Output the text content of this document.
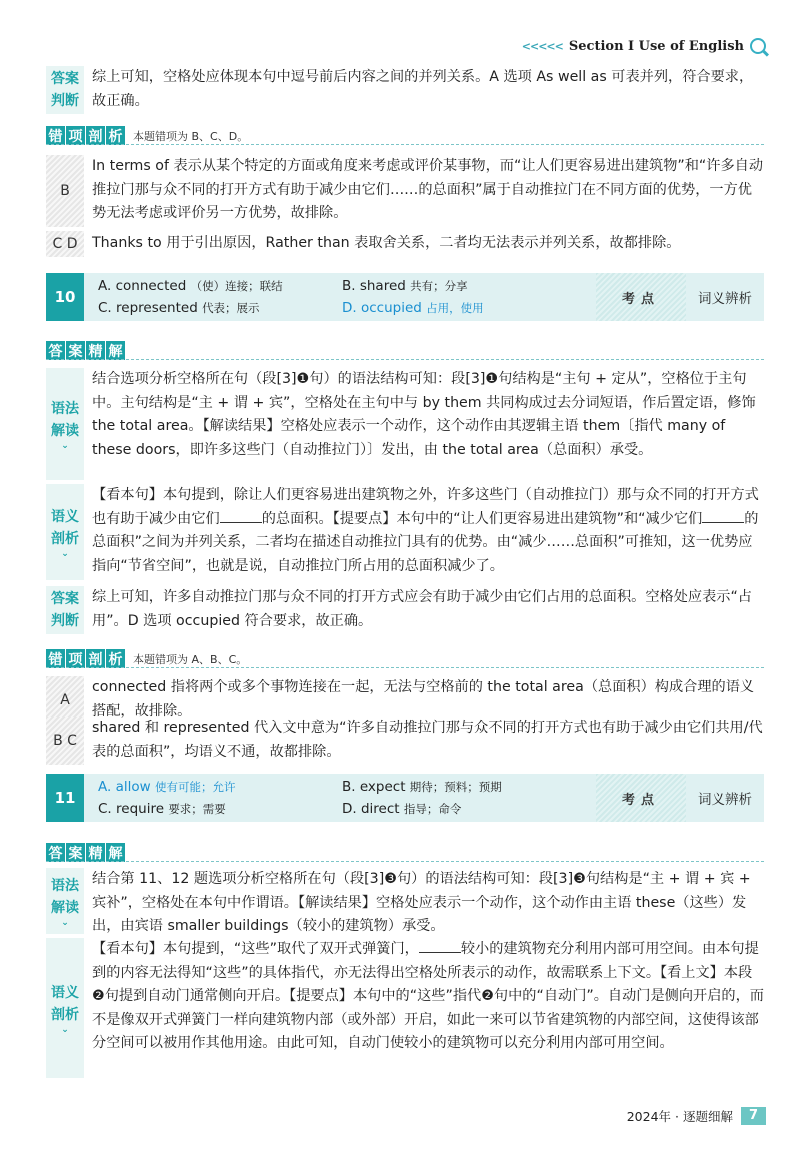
<<<<< Section I Use of English
答案判断
综上可知，空格处应体现本句中逗号前后内容之间的并列关系。A 选项 As well as 可表并列，符合要求，故正确。
错 项 剖 析 本题错项为 B、C、D。
B
In terms of 表示从某个特定的方面或角度来考虑或评价某事物，而“让人们更容易进出建筑物”和“许多自动推拉门那与众不同的打开方式有助于减少由它们……的总面积”属于自动推拉门在不同方面的优势，一方优势无法考虑或评价另一方优势，故排除。
C D	Thanks to 用于引出原因，Rather than 表取舍关系，二者均无法表示并列关系，故都排除。
10
A. connected （使）连接；联结	B. shared 共有；分享
C. represented 代表；展示	D. occupied 占用，使用
考点	词义辨析
答 案 精 解
语法解读
⌄
结合选项分析空格所在句（段[3]❶句）的语法结构可知：段[3]❶句结构是“主句 + 定从”，空格位于主句中。主句结构是“主 + 谓 + 宾”，空格处在主句中与 by them 共同构成过去分词短语，作后置定语，修饰 the total area。【解读结果】空格处应表示一个动作，这个动作由其逻辑主语 them〔指代 many of these doors，即许多这些门（自动推拉门）〕发出，由 the total area（总面积）承受。
语义剖析
⌄
【看本句】本句提到，除让人们更容易进出建筑物之外，许多这些门（自动推拉门）那与众不同的打开方式也有助于减少由它们	的总面积。【提要点】本句中的“让人们更容易进出建筑物”和“减少它们	的总面积”之间为并列关系，二者均在描述自动推拉门具有的优势。由“减少……总面积”可推知，这一优势应指向“节省空间”，也就是说，自动推拉门所占用的总面积减少了。
答案判断
综上可知，许多自动推拉门那与众不同的打开方式应会有助于减少由它们占用的总面积。空格处应表示“占用”。D 选项 occupied 符合要求，故正确。
错 项 剖 析 本题错项为 A、B、C。
A
connected 指将两个或多个事物连接在一起，无法与空格前的 the total area（总面积）构成合理的语义搭配，故排除。
B C
shared 和 represented 代入文中意为“许多自动推拉门那与众不同的打开方式也有助于减少由它们共用/代表的总面积”，均语义不通，故都排除。
11
A. allow 使有可能；允许	B. expect 期待；预料；预期
C. require 要求；需要	D. direct 指导；命令
考点	词义辨析
答 案 精 解
语法解读
⌄
结合第 11、12 题选项分析空格所在句（段[3]❸句）的语法结构可知：段[3]❸句结构是“主 + 谓 + 宾 + 宾补”，空格处在本句中作谓语。【解读结果】空格处应表示一个动作，这个动作由主语 these（这些）发出，由宾语 smaller buildings（较小的建筑物）承受。
语义剖析
⌄
【看本句】本句提到，“这些”取代了双开式弹簧门，	较小的建筑物充分利用内部可用空间。由本句提到的内容无法得知“这些”的具体指代，亦无法得出空格处所表示的动作，故需联系上下文。【看上文】本段❷句提到自动门通常侧向开启。【提要点】本句中的“这些”指代❷句中的“自动门”。自动门是侧向开启的，而不是像双开式弹簧门一样向建筑物内部（或外部）开启，如此一来可以节省建筑物的内部空间，这使得该部分空间可以被用作其他用途。由此可知，自动门使较小的建筑物可以充分利用内部可用空间。
2024年 · 逐题细解	7
